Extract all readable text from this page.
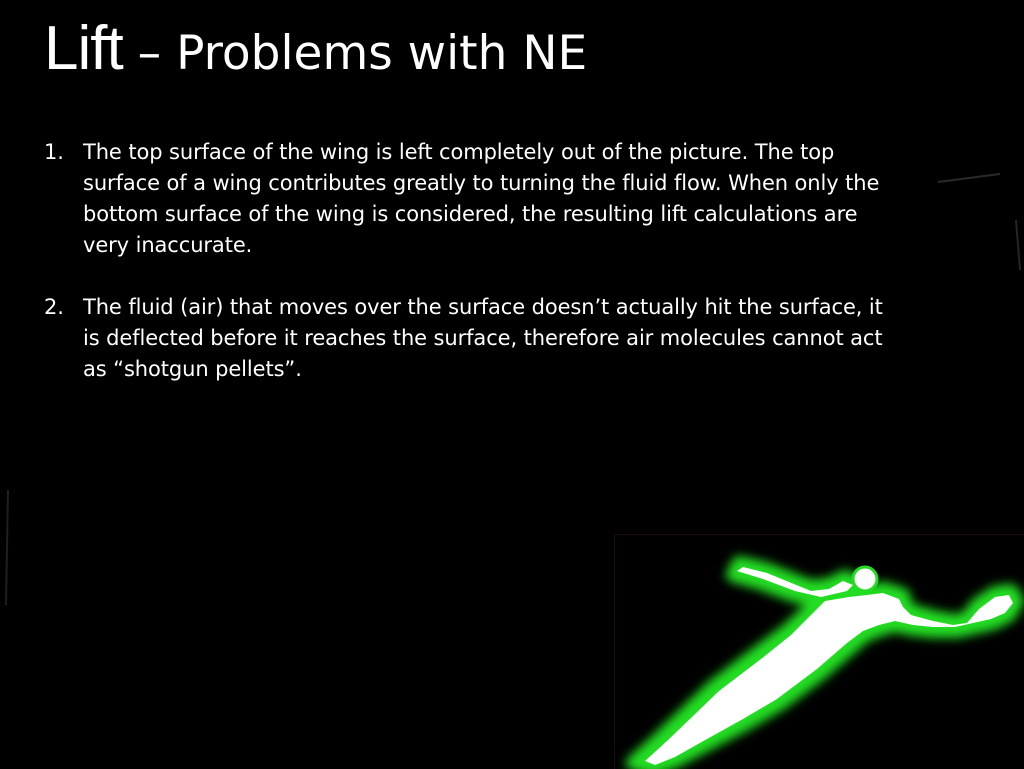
Lift – Problems with NE
1. The top surface of the wing is left completely out of the picture. The top surface of a wing contributes greatly to turning the fluid flow. When only the bottom surface of the wing is considered, the resulting lift calculations are very inaccurate.
2. The fluid (air) that moves over the surface doesn’t actually hit the surface, it is deflected before it reaches the surface, therefore air molecules cannot act as “shotgun pellets”.
